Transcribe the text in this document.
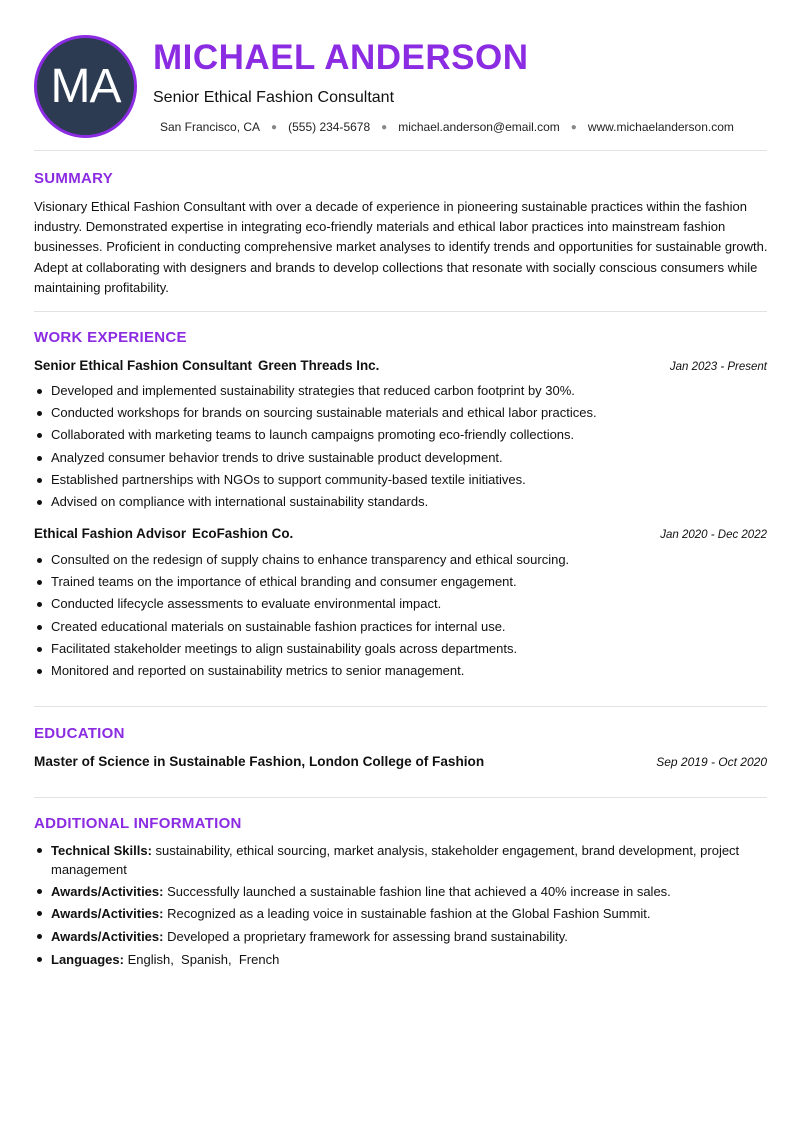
MA
MICHAEL ANDERSON
Senior Ethical Fashion Consultant
San Francisco, CA ● (555) 234-5678 ● michael.anderson@email.com ● www.michaelanderson.com
SUMMARY

Visionary Ethical Fashion Consultant with over a decade of experience in pioneering sustainable practices within the fashion industry. Demonstrated expertise in integrating eco-friendly materials and ethical labor practices into mainstream fashion businesses. Proficient in conducting comprehensive market analyses to identify trends and opportunities for sustainable growth. Adept at collaborating with designers and brands to develop collections that resonate with socially conscious consumers while maintaining profitability.

WORK EXPERIENCE
Senior Ethical Fashion Consultant Green Threads Inc.	Jan 2023 - Present
Developed and implemented sustainability strategies that reduced carbon footprint by 30%.
Conducted workshops for brands on sourcing sustainable materials and ethical labor practices.
Collaborated with marketing teams to launch campaigns promoting eco-friendly collections.
Analyzed consumer behavior trends to drive sustainable product development.
Established partnerships with NGOs to support community-based textile initiatives.
Advised on compliance with international sustainability standards.
Ethical Fashion Advisor EcoFashion Co.	Jan 2020 - Dec 2022
Consulted on the redesign of supply chains to enhance transparency and ethical sourcing.
Trained teams on the importance of ethical branding and consumer engagement.
Conducted lifecycle assessments to evaluate environmental impact.
Created educational materials on sustainable fashion practices for internal use.
Facilitated stakeholder meetings to align sustainability goals across departments.
Monitored and reported on sustainability metrics to senior management.
EDUCATION
Master of Science in Sustainable Fashion, London College of Fashion	Sep 2019 - Oct 2020
ADDITIONAL INFORMATION
Technical Skills: sustainability, ethical sourcing, market analysis, stakeholder engagement, brand development, project management
Awards/Activities: Successfully launched a sustainable fashion line that achieved a 40% increase in sales.
Awards/Activities: Recognized as a leading voice in sustainable fashion at the Global Fashion Summit.
Awards/Activities: Developed a proprietary framework for assessing brand sustainability.
Languages: English,  Spanish,  French
